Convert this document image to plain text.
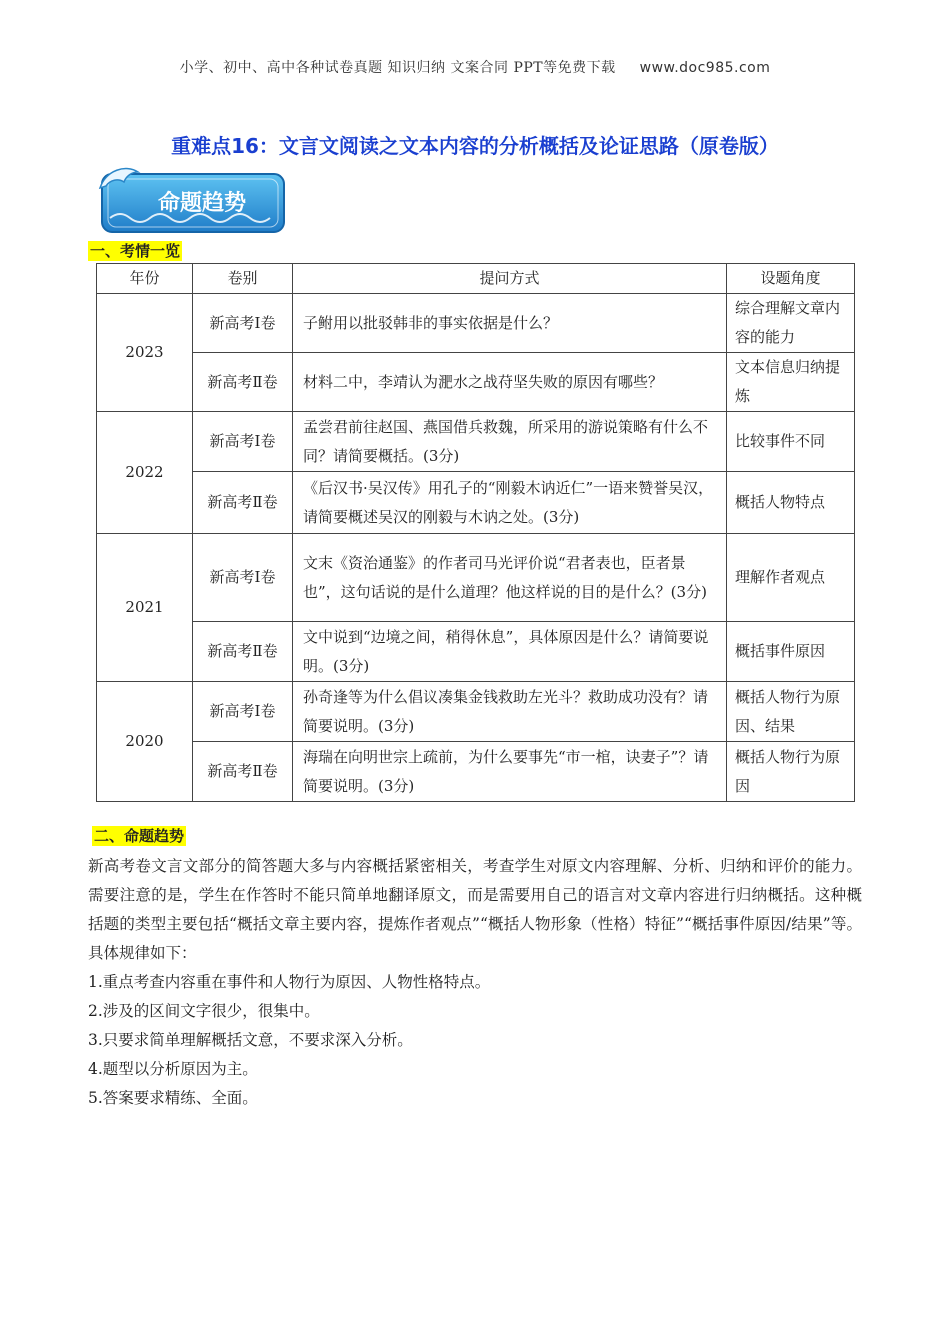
小学、初中、高中各种试卷真题 知识归纳 文案合同 PPT等免费下载 www.doc985.com
重难点16：文言文阅读之文本内容的分析概括及论证思路（原卷版）
命题趋势
一、考情一览
年份	卷别	提问方式	设题角度
2023	新高考Ⅰ卷	子鲋用以批驳韩非的事实依据是什么？	综合理解文章内容的能力
	新高考Ⅱ卷	材料二中，李靖认为淝水之战苻坚失败的原因有哪些？	文本信息归纳提炼
2022	新高考Ⅰ卷	孟尝君前往赵国、燕国借兵救魏，所采用的游说策略有什么不同？请简要概括。(3分)	比较事件不同
	新高考Ⅱ卷	《后汉书·吴汉传》用孔子的“刚毅木讷近仁”一语来赞誉吴汉，请简要概述吴汉的刚毅与木讷之处。(3分)	概括人物特点
2021	新高考Ⅰ卷	文末《资治通鉴》的作者司马光评价说“君者表也，臣者景也”，这句话说的是什么道理？他这样说的目的是什么？(3分)	理解作者观点
	新高考Ⅱ卷	文中说到“边境之间，稍得休息”，具体原因是什么？请简要说明。(3分)	概括事件原因
2020	新高考Ⅰ卷	孙奇逢等为什么倡议凑集金钱救助左光斗？救助成功没有？请简要说明。(3分)	概括人物行为原因、结果
	新高考Ⅱ卷	海瑞在向明世宗上疏前，为什么要事先“市一棺，诀妻子”？请简要说明。(3分)	概括人物行为原因
二、命题趋势

新高考卷文言文部分的简答题大多与内容概括紧密相关，考查学生对原文内容理解、分析、归纳和评价的能力。需要注意的是，学生在作答时不能只简单地翻译原文，而是需要用自己的语言对文章内容进行归纳概括。这种概括题的类型主要包括“概括文章主要内容，提炼作者观点”“概括人物形象（性格）特征”“概括事件原因/结果”等。具体规律如下：

1.重点考查内容重在事件和人物行为原因、人物性格特点。

2.涉及的区间文字很少，很集中。

3.只要求简单理解概括文意，不要求深入分析。

4.题型以分析原因为主。

5.答案要求精练、全面。
